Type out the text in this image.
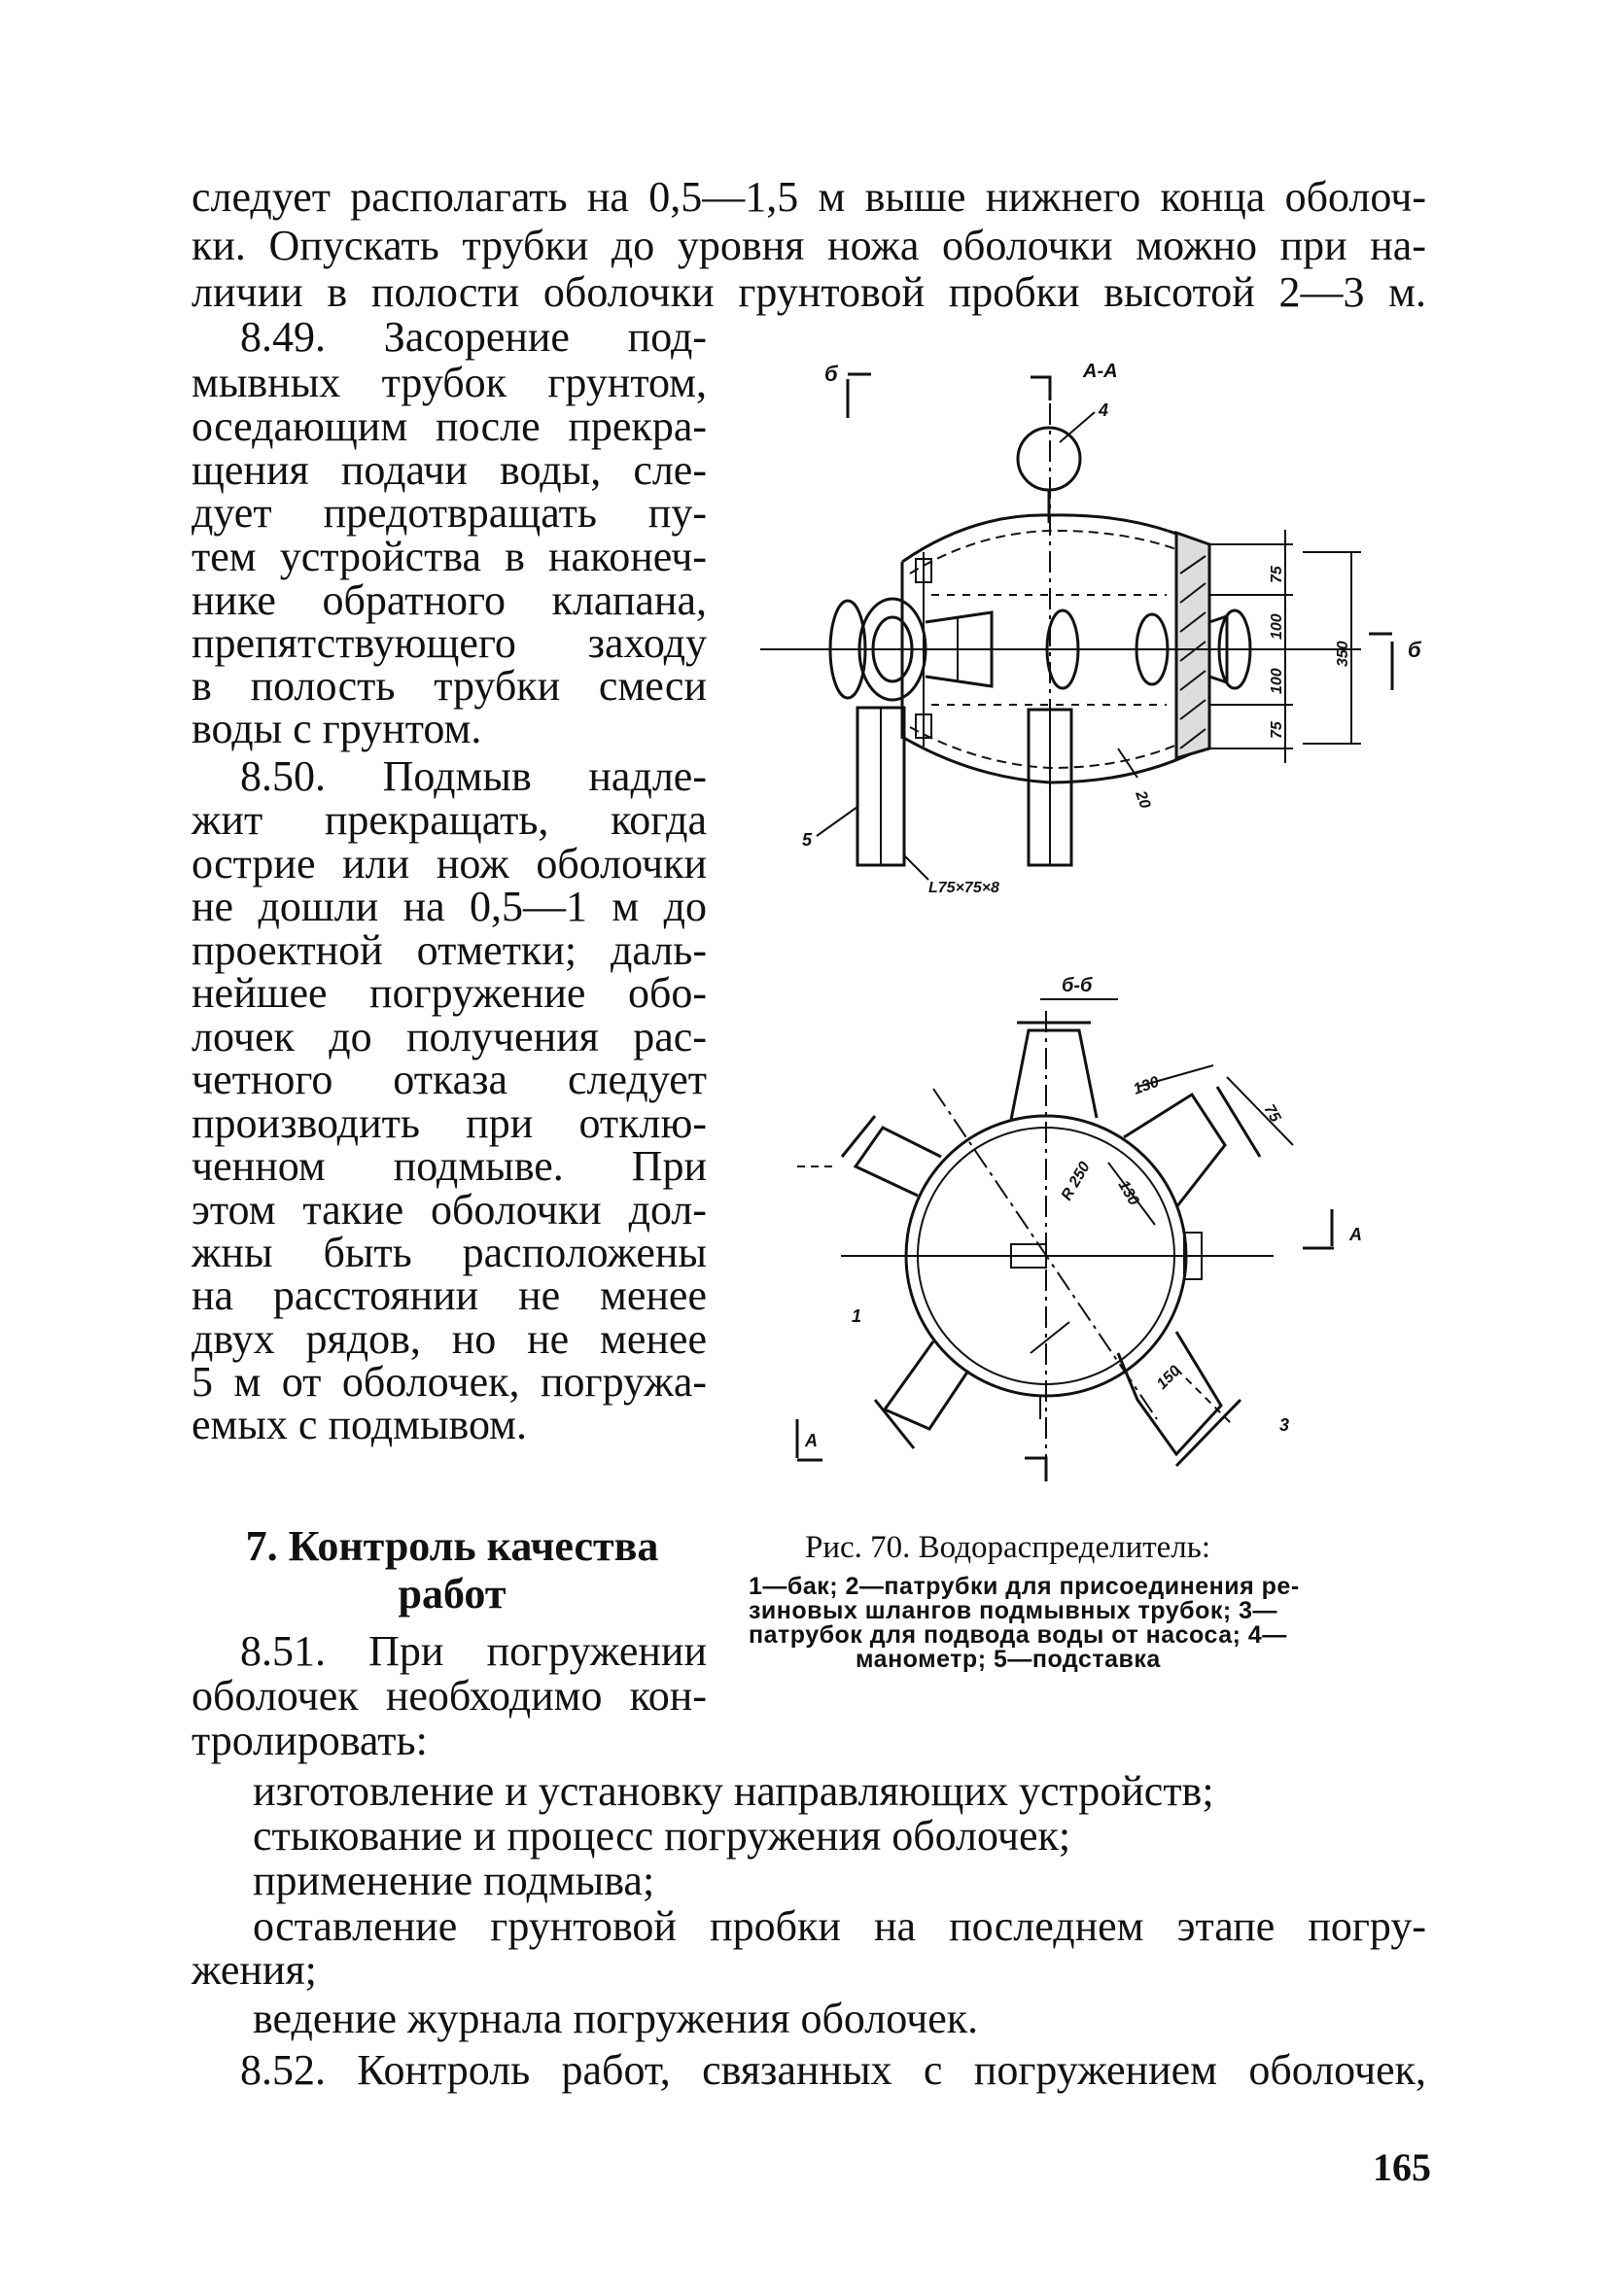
следует располагать на 0,5—1,5 м выше нижнего конца оболоч-
ки. Опускать трубки до уровня ножа оболочки можно при на-
личии в полости оболочки грунтовой пробки высотой 2—3 м.
8.49. Засорение под-
мывных трубок грунтом,
оседающим после прекра-
щения подачи воды, сле-
дует предотвращать пу-
тем устройства в наконеч-
нике обратного клапана,
препятствующего заходу
в полость трубки смеси
воды с грунтом.
8.50. Подмыв надле-
жит прекращать, когда
острие или нож оболочки
не дошли на 0,5—1 м до
проектной отметки; даль-
нейшее погружение обо-
лочек до получения рас-
четного отказа следует
производить при отклю-
ченном подмыве. При
этом такие оболочки дол-
жны быть расположены
на расстоянии не менее
двух рядов, но не менее
5 м от оболочек, погружа-
емых с подмывом.
7. Контроль качества
работ
8.51. При погружении
оболочек необходимо кон-
тролировать:
изготовление и установку направляющих устройств;
стыкование и процесс погружения оболочек;
применение подмыва;
оставление грунтовой пробки на последнем этапе погру-
жения;
ведение журнала погружения оболочек.
8.52. Контроль работ, связанных с погружением оболочек,
б	А-А
4
б
5
L75×75×8
20
75
100
100
75
350
б-б
130
75
130
R 250
150
1
3
А
А
Рис. 70. Водораспределитель:
1—бак; 2—патрубки для присоединения ре-
зиновых шлангов подмывных трубок; 3—
патрубок для подвода воды от насоса; 4—
манометр; 5—подставка
165
